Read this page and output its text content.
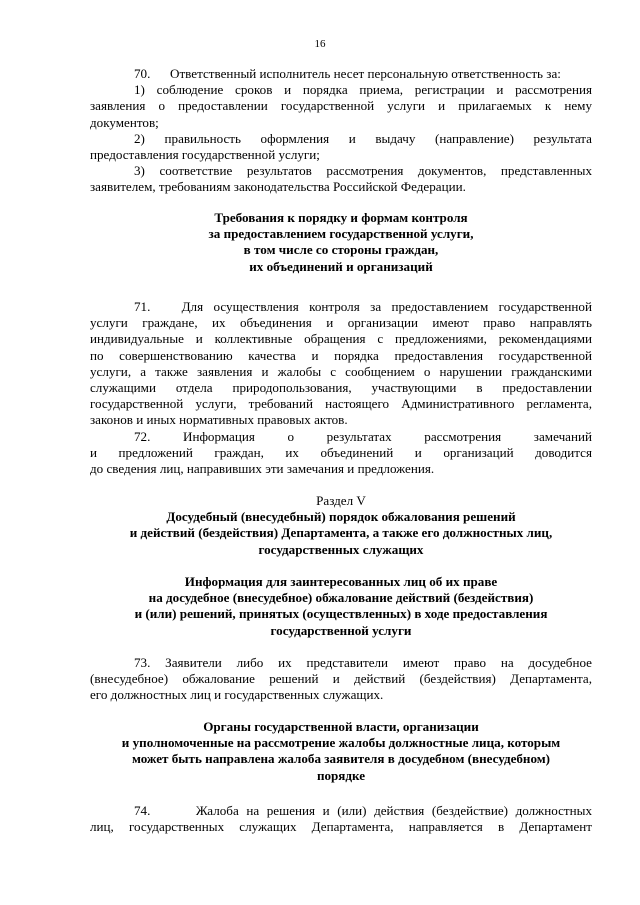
16

70.      Ответственный исполнитель несет персональную ответственность за:

1) соблюдение сроков и порядка приема, регистрации и рассмотрения

заявления о предоставлении государственной услуги и прилагаемых к нему

документов;

2) правильность оформления и выдачу (направление) результата

предоставления государственной услуги;

3) соответствие результатов рассмотрения документов, представленных

заявителем, требованиям законодательства Российской Федерации.

Требования к порядку и формам контроля

за предоставлением государственной услуги,

в том числе со стороны граждан,

их объединений и организаций

71.   Для осуществления контроля за предоставлением государственной

услуги граждане, их объединения и организации имеют право направлять

индивидуальные и коллективные обращения с предложениями, рекомендациями

по совершенствованию качества и порядка предоставления государственной

услуги, а также заявления и жалобы с сообщением о нарушении гражданскими

служащими отдела природопользования, участвующими в предоставлении

государственной услуги, требований настоящего Административного регламента,

законов и иных нормативных правовых актов.

72. Информация о результатах рассмотрения замечаний

и предложений граждан, их объединений и организаций доводится

до сведения лиц, направивших эти замечания и предложения.

Раздел V

Досудебный (внесудебный) порядок обжалования решений

и действий (бездействия) Департамента, а также его должностных лиц,

государственных служащих

Информация для заинтересованных лиц об их праве

на досудебное (внесудебное) обжалование действий (бездействия)

и (или) решений, принятых (осуществленных) в ходе предоставления

государственной услуги

73. Заявители либо их представители имеют право на досудебное

(внесудебное) обжалование решений и действий (бездействия) Департамента,

его должностных лиц и государственных служащих.

Органы государственной власти, организации

и уполномоченные на рассмотрение жалобы должностные лица, которым

может быть направлена жалоба заявителя в досудебном (внесудебном)

порядке

74.      Жалоба на решения и (или) действия (бездействие) должностных

лиц, государственных служащих Департамента, направляется в Департамент
